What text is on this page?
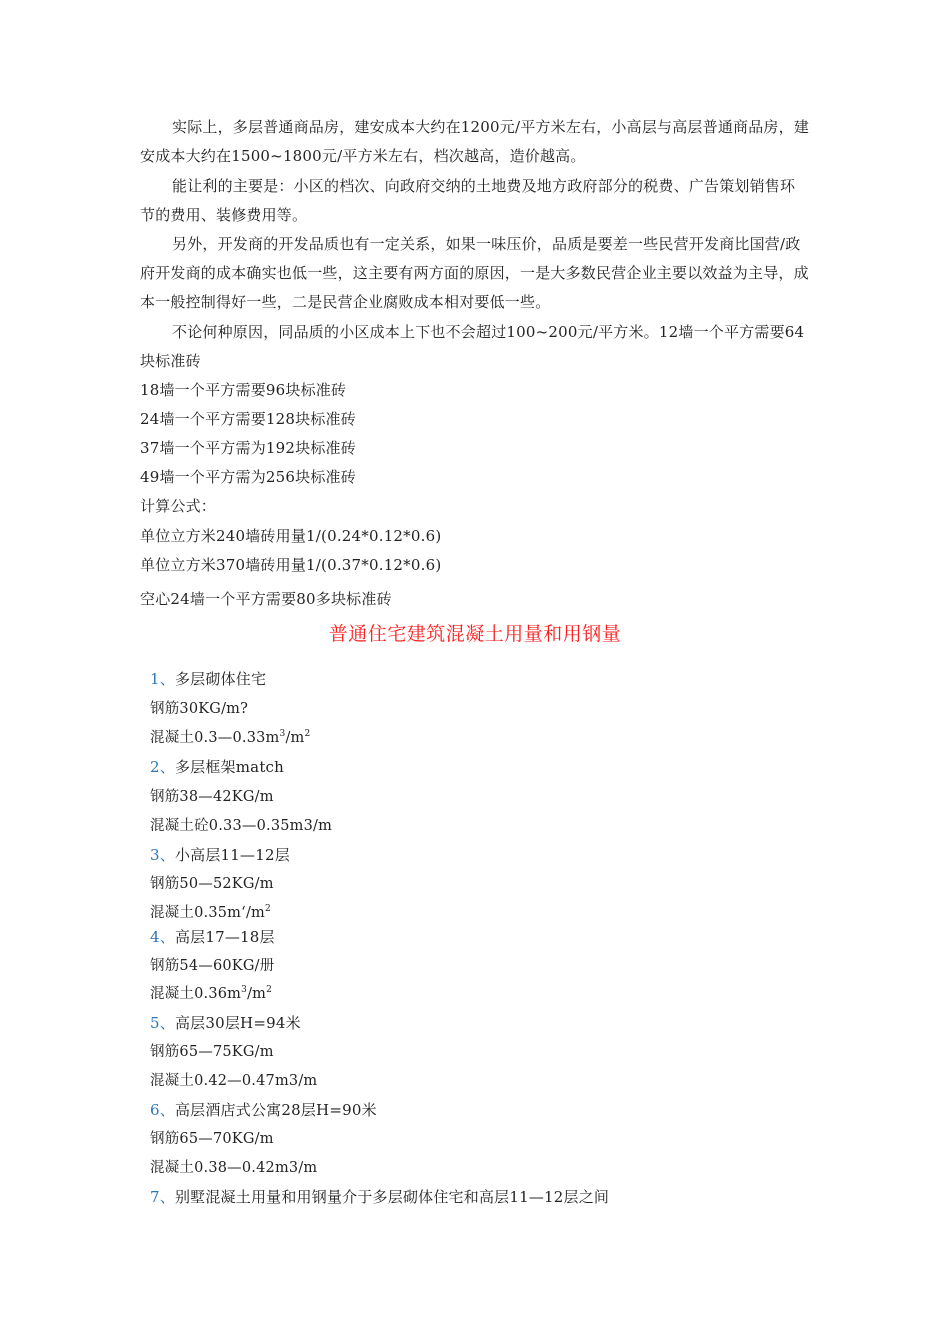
实际上，多层普通商品房，建安成本大约在1200元/平方米左右，小高层与高层普通商品房，建安成本大约在1500~1800元/平方米左右，档次越高，造价越高。

能让利的主要是：小区的档次、向政府交纳的土地费及地方政府部分的税费、广告策划销售环节的费用、装修费用等。

另外，开发商的开发品质也有一定关系，如果一味压价，品质是要差一些民营开发商比国营/政府开发商的成本确实也低一些，这主要有两方面的原因，一是大多数民营企业主要以效益为主导，成本一般控制得好一些，二是民营企业腐败成本相对要低一些。

不论何种原因，同品质的小区成本上下也不会超过100~200元/平方米。12墙一个平方需要64块标准砖

18墙一个平方需要96块标准砖
24墙一个平方需要128块标准砖
37墙一个平方需为192块标准砖
49墙一个平方需为256块标准砖
计算公式：
单位立方米240墙砖用量1/(0.24*0.12*0.6)
单位立方米370墙砖用量1/(0.37*0.12*0.6)
空心24墙一个平方需要80多块标准砖
普通住宅建筑混凝土用量和用钢量
1、多层砌体住宅
钢筋30KG/m?
混凝土$0.3—0.33m^3/m^2$
2、多层框架match
钢筋38—42KG/m
混凝土砼0.33—0.35m3/m
3、小高层11—12层
钢筋50—52KG/m
混凝土$0.35m‘/m^2$
4、高层17—18层
钢筋54—60KG/册
混凝土$0.36m^3/m^2$
5、高层30层H=94米
钢筋65—75KG/m
混凝土0.42—0.47m3/m
6、高层酒店式公寓28层H=90米
钢筋65—70KG/m
混凝土0.38—0.42m3/m
7、别墅混凝土用量和用钢量介于多层砌体住宅和高层11—12层之间
